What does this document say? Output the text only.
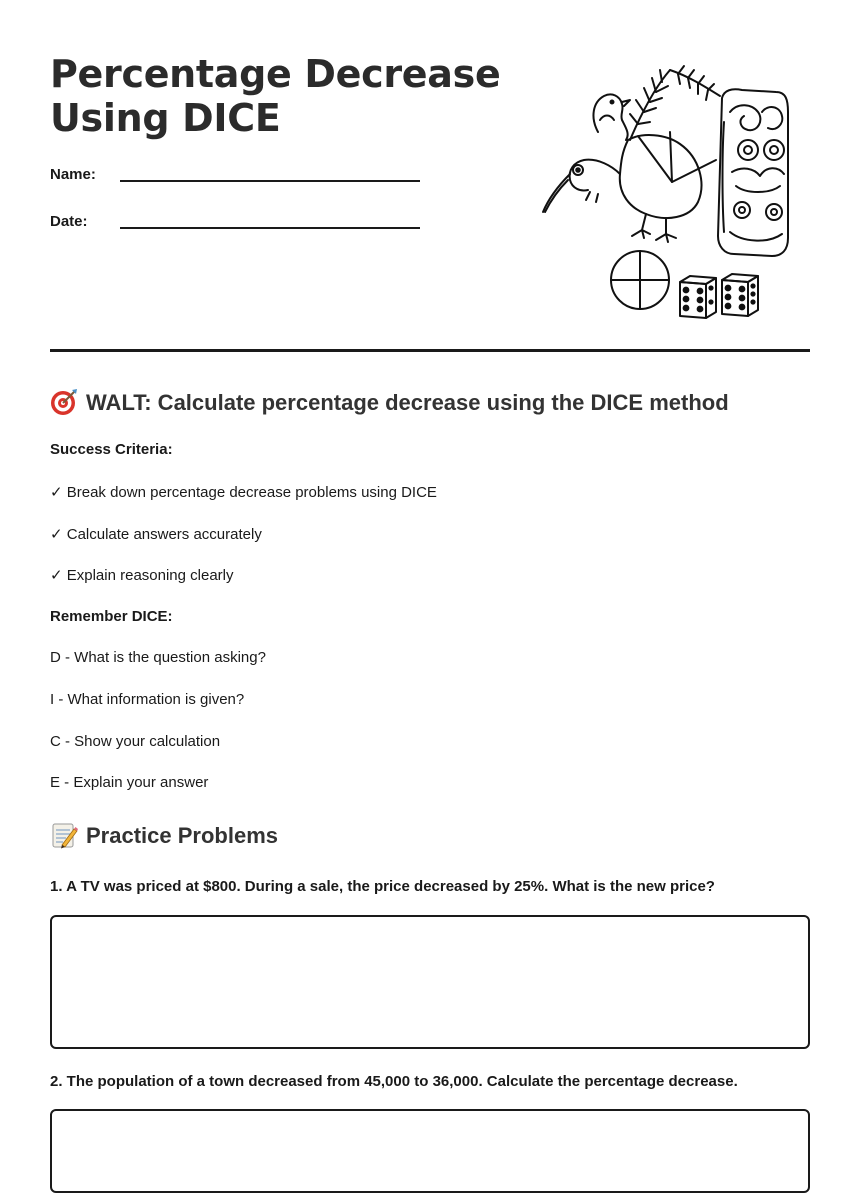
Percentage Decrease
Using DICE
Name:
Date:
WALT: Calculate percentage decrease using the DICE method
Success Criteria:
✓ Break down percentage decrease problems using DICE
✓ Calculate answers accurately
✓ Explain reasoning clearly
Remember DICE:
D - What is the question asking?
I - What information is given?
C - Show your calculation
E - Explain your answer
Practice Problems
1. A TV was priced at $800. During a sale, the price decreased by 25%. What is the new price?
2. The population of a town decreased from 45,000 to 36,000. Calculate the percentage decrease.
